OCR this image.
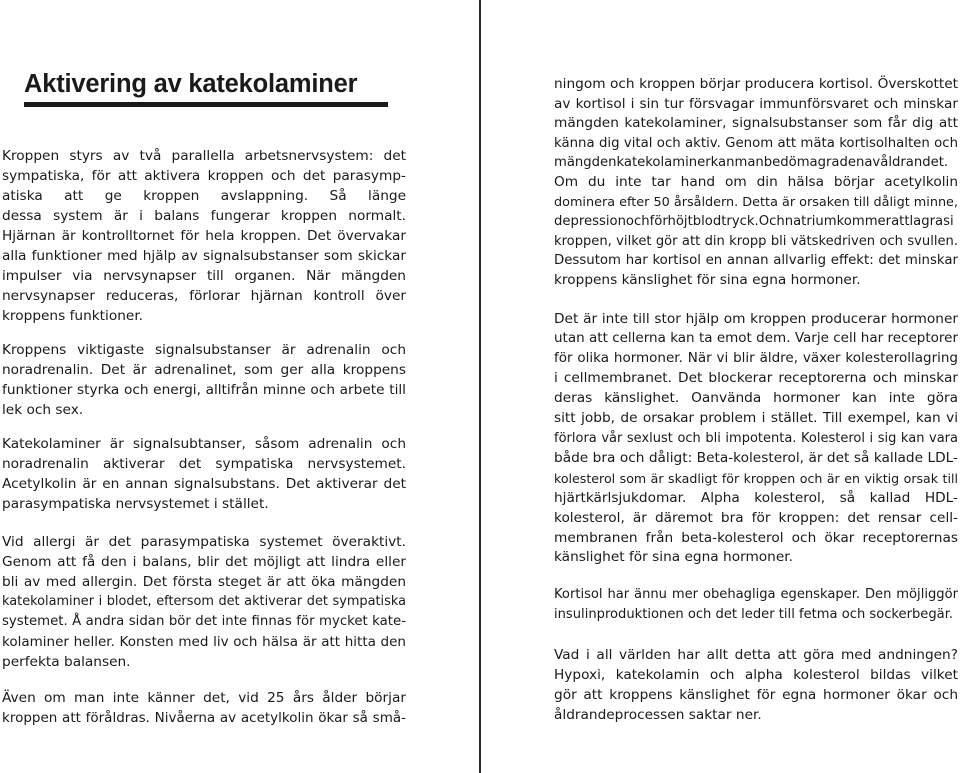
Aktivering av katekolaminer

Kroppen styrs av två parallella arbetsnervsystem: det
sympatiska, för att aktivera kroppen och det parasymp-
atiska att ge kroppen avslappning. Så länge
dessa system är i balans fungerar kroppen normalt.
Hjärnan är kontrolltornet för hela kroppen. Det övervakar
alla funktioner med hjälp av signalsubstanser som skickar
impulser via nervsynapser till organen. När mängden
nervsynapser reduceras, förlorar hjärnan kontroll över
kroppens funktioner.

Kroppens viktigaste signalsubstanser är adrenalin och
noradrenalin. Det är adrenalinet, som ger alla kroppens
funktioner styrka och energi, alltifrån minne och arbete till
lek och sex.

Katekolaminer är signalsubtanser, såsom adrenalin och
noradrenalin aktiverar det sympatiska nervsystemet.
Acetylkolin är en annan signalsubstans. Det aktiverar det
parasympatiska nervsystemet i stället.

Vid allergi är det parasympatiska systemet överaktivt.
Genom att få den i balans, blir det möjligt att lindra eller
bli av med allergin. Det första steget är att öka mängden
katekolaminer i blodet, eftersom det aktiverar det sympatiska
systemet. Å andra sidan bör det inte finnas för mycket kate-
kolaminer heller. Konsten med liv och hälsa är att hitta den
perfekta balansen.

Även om man inte känner det, vid 25 års ålder börjar
kroppen att föråldras. Nivåerna av acetylkolin ökar så små-

ningom och kroppen börjar producera kortisol. Överskottet
av kortisol i sin tur försvagar immunförsvaret och minskar
mängden katekolaminer, signalsubstanser som får dig att
känna dig vital och aktiv. Genom att mäta kortisolhalten och
mängdenkatekolaminerkanmanbedömagradenavåldrandet.
Om du inte tar hand om din hälsa börjar acetylkolin
dominera efter 50 årsåldern. Detta är orsaken till dåligt minne,
depressionochförhöjtblodtryck.Ochnatriumkommerattlagrasi
kroppen, vilket gör att din kropp bli vätskedriven och svullen.
Dessutom har kortisol en annan allvarlig effekt: det minskar
kroppens känslighet för sina egna hormoner.

Det är inte till stor hjälp om kroppen producerar hormoner
utan att cellerna kan ta emot dem. Varje cell har receptorer
för olika hormoner. När vi blir äldre, växer kolesterollagring
i cellmembranet. Det blockerar receptorerna och minskar
deras känslighet. Oanvända hormoner kan inte göra
sitt jobb, de orsakar problem i stället. Till exempel, kan vi
förlora vår sexlust och bli impotenta. Kolesterol i sig kan vara
både bra och dåligt: Beta-kolesterol, är det så kallade LDL-
kolesterol som är skadligt för kroppen och är en viktig orsak till
hjärtkärlsjukdomar. Alpha kolesterol, så kallad HDL-
kolesterol, är däremot bra för kroppen: det rensar cell-
membranen från beta-kolesterol och ökar receptorernas
känslighet för sina egna hormoner.

Kortisol har ännu mer obehagliga egenskaper. Den möjliggör
insulinproduktionen och det leder till fetma och sockerbegär.

Vad i all världen har allt detta att göra med andningen?
Hypoxi, katekolamin och alpha kolesterol bildas vilket
gör att kroppens känslighet för egna hormoner ökar och
åldrandeprocessen saktar ner.
